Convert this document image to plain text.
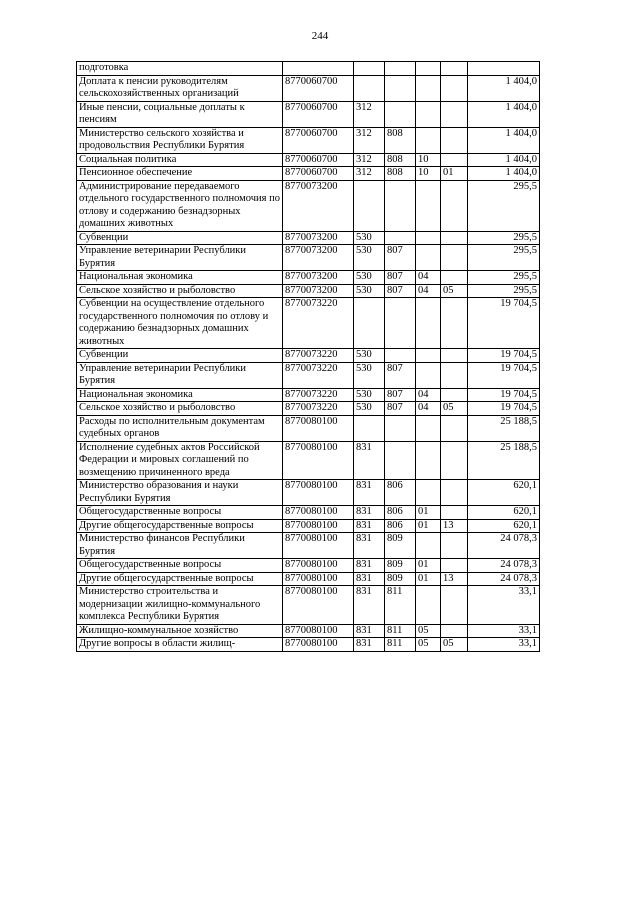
244
подготовка						
Доплата к пенсии руководителям сельскохозяйственных организаций	8770060700					1 404,0
Иные пенсии, социальные доплаты к пенсиям	8770060700	312				1 404,0
Министерство сельского хозяйства и продовольствия Республики Бурятия	8770060700	312	808			1 404,0
Социальная политика	8770060700	312	808	10		1 404,0
Пенсионное обеспечение	8770060700	312	808	10	01	1 404,0
Администрирование передаваемого отдельного государственного полномочия по отлову и содержанию безнадзорных домашних животных	8770073200					295,5
Субвенции	8770073200	530				295,5
Управление ветеринарии Республики Бурятия	8770073200	530	807			295,5
Национальная экономика	8770073200	530	807	04		295,5
Сельское хозяйство и рыболовство	8770073200	530	807	04	05	295,5
Субвенции на осуществление отдельного государственного полномочия по отлову и содержанию безнадзорных домашних животных	8770073220					19 704,5
Субвенции	8770073220	530				19 704,5
Управление ветеринарии Республики Бурятия	8770073220	530	807			19 704,5
Национальная экономика	8770073220	530	807	04		19 704,5
Сельское хозяйство и рыболовство	8770073220	530	807	04	05	19 704,5
Расходы по исполнительным документам судебных органов	8770080100					25 188,5
Исполнение судебных актов Российской Федерации и мировых соглашений по возмещению причиненного вреда	8770080100	831				25 188,5
Министерство образования и науки Республики Бурятия	8770080100	831	806			620,1
Общегосударственные вопросы	8770080100	831	806	01		620,1
Другие общегосударственные вопросы	8770080100	831	806	01	13	620,1
Министерство финансов Республики Бурятия	8770080100	831	809			24 078,3
Общегосударственные вопросы	8770080100	831	809	01		24 078,3
Другие общегосударственные вопросы	8770080100	831	809	01	13	24 078,3
Министерство строительства и модернизации жилищно-коммунального комплекса Республики Бурятия	8770080100	831	811			33,1
Жилищно-коммунальное хозяйство	8770080100	831	811	05		33,1
Другие вопросы в области жилищ-	8770080100	831	811	05	05	33,1
